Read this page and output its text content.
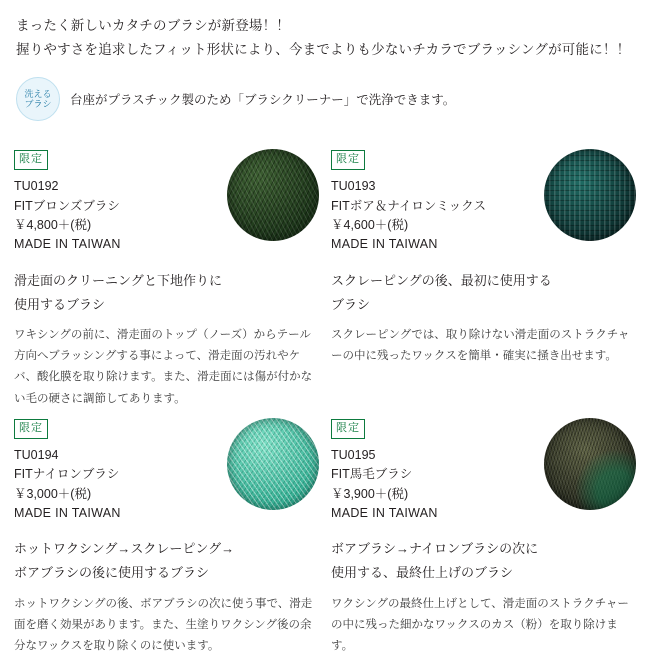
まったく新しいカタチのブラシが新登場！！
握りやすさを追求したフィット形状により、今までよりも少ないチカラでブラッシングが可能に！！
洗える
ブラシ 台座がプラスチック製のため「ブラシクリーナー」で洗浄できます。
限定
TU0192
FITブロンズブラシ
￥4,800＋(税)
MADE IN TAIWAN
滑走面のクリーニングと下地作りに
使用するブラシ
ワキシングの前に、滑走面のトップ（ノーズ）からテール方向へブラッシングする事によって、滑走面の汚れやケバ、酸化膜を取り除けます。また、滑走面には傷が付かない毛の硬さに調節してあります。
限定
TU0193
FITボア＆ナイロンミックス
￥4,600＋(税)
MADE IN TAIWAN
スクレーピングの後、最初に使用する
ブラシ
スクレーピングでは、取り除けない滑走面のストラクチャーの中に残ったワックスを簡単・確実に掻き出せます。
限定
TU0194
FITナイロンブラシ
￥3,000＋(税)
MADE IN TAIWAN
ホットワクシング→スクレーピング→
ボアブラシの後に使用するブラシ
ホットワクシングの後、ボアブラシの次に使う事で、滑走面を磨く効果があります。また、生塗りワクシング後の余分なワックスを取り除くのに使います。
限定
TU0195
FIT馬毛ブラシ
￥3,900＋(税)
MADE IN TAIWAN
ボアブラシ→ナイロンブラシの次に
使用する、最終仕上げのブラシ
ワクシングの最終仕上げとして、滑走面のストラクチャーの中に残った細かなワックスのカス（粉）を取り除けます。
